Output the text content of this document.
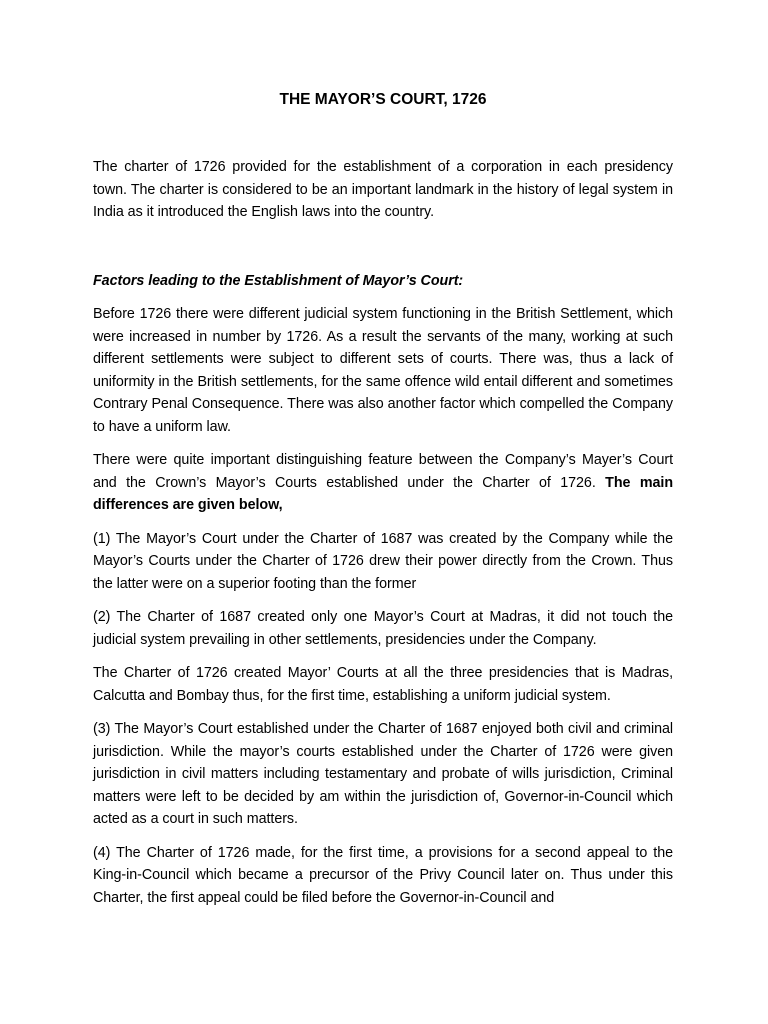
THE MAYOR’S COURT, 1726

The charter of 1726 provided for the establishment of a corporation in each presidency town. The charter is considered to be an important landmark in the history of legal system in India as it introduced the English laws into the country.

Factors leading to the Establishment of Mayor’s Court:

Before 1726 there were different judicial system functioning in the British Settlement, which were increased in number by 1726. As a result the servants of the many, working at such different settlements were subject to different sets of courts. There was, thus a lack of uniformity in the British settlements, for the same offence wild entail different and sometimes Contrary Penal Consequence. There was also another factor which compelled the Company to have a uniform law.

There were quite important distinguishing feature between the Company’s Mayer’s Court and the Crown’s Mayor’s Courts established under the Charter of 1726. The main differences are given below,

(1) The Mayor’s Court under the Charter of 1687 was created by the Company while the Mayor’s Courts under the Charter of 1726 drew their power directly from the Crown. Thus the latter were on a superior footing than the former

(2) The Charter of 1687 created only one Mayor’s Court at Madras, it did not touch the judicial system prevailing in other settlements, presidencies under the Company.

The Charter of 1726 created Mayor’ Courts at all the three presidencies that is Madras, Calcutta and Bombay thus, for the first time, establishing a uniform judicial system.

(3) The Mayor’s Court established under the Charter of 1687 enjoyed both civil and criminal jurisdiction. While the mayor’s courts established under the Charter of 1726 were given jurisdiction in civil matters including testamentary and probate of wills jurisdiction, Criminal matters were left to be decided by am within the jurisdiction of, Governor-in-Council which acted as a court in such matters.

(4) The Charter of 1726 made, for the first time, a provisions for a second appeal to the King-in-Council which became a precursor of the Privy Council later on. Thus under this Charter, the first appeal could be filed before the Governor-in-Council and
